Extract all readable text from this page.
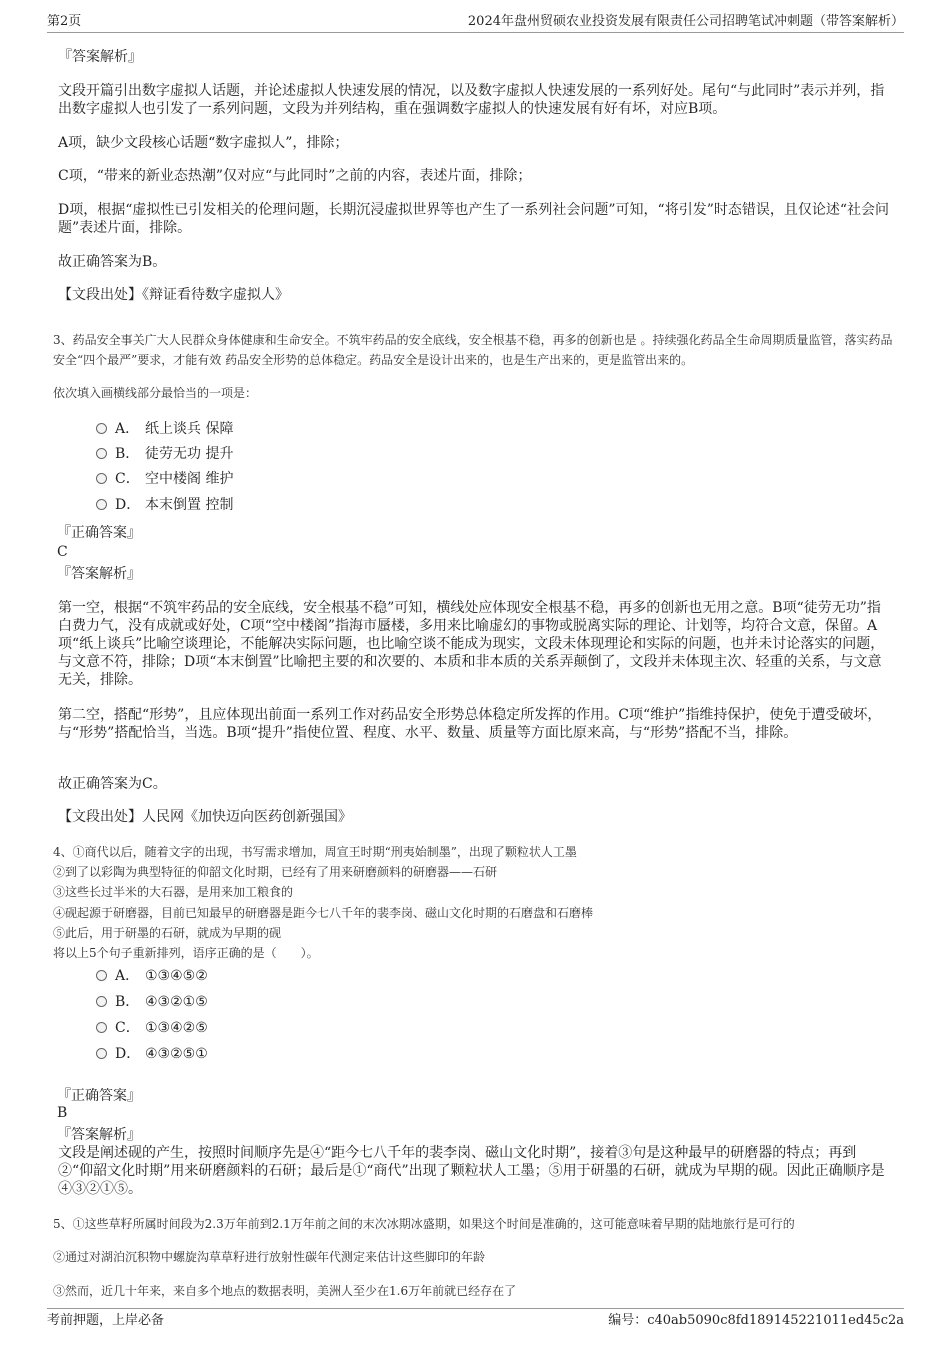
第2页	2024年盘州贸硕农业投资发展有限责任公司招聘笔试冲刺题（带答案解析）
『答案解析』

文段开篇引出数字虚拟人话题，并论述虚拟人快速发展的情况，以及数字虚拟人快速发展的一系列好处。尾句“与此同时”表示并列，指出数字虚拟人也引发了一系列问题，文段为并列结构，重在强调数字虚拟人的快速发展有好有坏，对应B项。

A项，缺少文段核心话题“数字虚拟人”，排除；

C项，“带来的新业态热潮”仅对应“与此同时”之前的内容，表述片面，排除；

D项，根据“虚拟性已引发相关的伦理问题，长期沉浸虚拟世界等也产生了一系列社会问题”可知，“将引发”时态错误，且仅论述“社会问题”表述片面，排除。

故正确答案为B。

【文段出处】《辩证看待数字虚拟人》

3、药品安全事关广大人民群众身体健康和生命安全。不筑牢药品的安全底线，安全根基不稳，再多的创新也是 。持续强化药品全生命周期质量监管，落实药品安全“四个最严”要求，才能有效 药品安全形势的总体稳定。药品安全是设计出来的，也是生产出来的，更是监管出来的。

依次填入画横线部分最恰当的一项是：

A． 纸上谈兵 保障
B． 徒劳无功 提升
C． 空中楼阁 维护
D． 本末倒置 控制
『正确答案』
C
『答案解析』

第一空，根据“不筑牢药品的安全底线，安全根基不稳”可知，横线处应体现安全根基不稳，再多的创新也无用之意。B项“徒劳无功”指白费力气，没有成就或好处，C项“空中楼阁”指海市蜃楼，多用来比喻虚幻的事物或脱离实际的理论、计划等，均符合文意，保留。A项“纸上谈兵”比喻空谈理论，不能解决实际问题，也比喻空谈不能成为现实，文段未体现理论和实际的问题，也并未讨论落实的问题，与文意不符，排除；D项“本末倒置”比喻把主要的和次要的、本质和非本质的关系弄颠倒了，文段并未体现主次、轻重的关系，与文意无关，排除。

第二空，搭配“形势”，且应体现出前面一系列工作对药品安全形势总体稳定所发挥的作用。C项“维护”指维持保护，使免于遭受破坏，与“形势”搭配恰当，当选。B项“提升”指使位置、程度、水平、数量、质量等方面比原来高，与“形势”搭配不当，排除。

故正确答案为C。

【文段出处】人民网《加快迈向医药创新强国》

4、①商代以后，随着文字的出现，书写需求增加，周宣王时期“刑夷始制墨”，出现了颗粒状人工墨

②到了以彩陶为典型特征的仰韶文化时期，已经有了用来研磨颜料的研磨器——石研

③这些长过半米的大石器，是用来加工粮食的

④砚起源于研磨器，目前已知最早的研磨器是距今七八千年的裴李岗、磁山文化时期的石磨盘和石磨棒

⑤此后，用于研墨的石研，就成为早期的砚

将以上5个句子重新排列，语序正确的是（　　）。

A． ①③④⑤②
B． ④③②①⑤
C． ①③④②⑤
D． ④③②⑤①
『正确答案』
B
『答案解析』

文段是阐述砚的产生，按照时间顺序先是④“距今七八千年的裴李岗、磁山文化时期”，接着③句是这种最早的研磨器的特点；再到②“仰韶文化时期”用来研磨颜料的石研；最后是①“商代”出现了颗粒状人工墨；⑤用于研墨的石研，就成为早期的砚。因此正确顺序是④③②①⑤。

5、①这些草籽所属时间段为2.3万年前到2.1万年前之间的末次冰期冰盛期，如果这个时间是准确的，这可能意味着早期的陆地旅行是可行的

②通过对湖泊沉积物中螺旋沟草草籽进行放射性碳年代测定来估计这些脚印的年龄

③然而，近几十年来，来自多个地点的数据表明，美洲人至少在1.6万年前就已经存在了

考前押题，上岸必备	编号：c40ab5090c8fd189145221011ed45c2a
